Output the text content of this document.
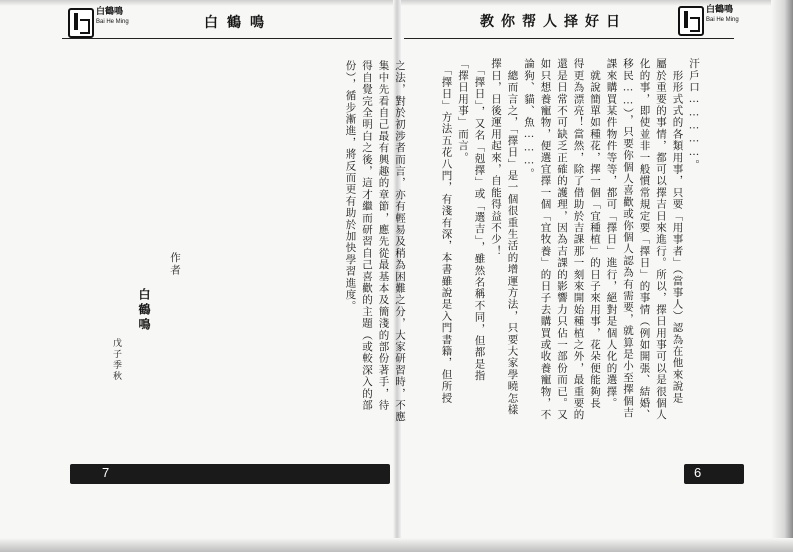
白鶴鳴
Bai He Ming	白鶴鳴
之法，對於初涉者而言，亦有輕易及稍為困難之分，大家研習時，不應
集中先看自己最有興趣的章節，應先從最基本及簡淺的部份著手，待
得自覺完全明白之後，這才繼而研習自己喜歡的主題（或較深入的部
份），循步漸進，將反而更有助於加快學習進度。
作者
白鶴鳴
戊子季秋
7
教你帮人择好日
白鶴鳴
Bai He Ming
汗戶口……………。
　形形式式的各類用事，只要「用事者」（當事人）認為在他來說是
屬於重要的事情，都可以擇吉日來進行。所以，擇日用事可以是很個人
化的事，即使並非一般慣常規定要「擇日」的事情（例如開張、結婚、
移民……），只要你個人喜歡或你個人認為有需要，就算是小至擇個吉
課來購買某件物件等等，都可「擇日」進行，絕對是個人化的選擇。
　就說簡單如種花，擇一個「宜種植」的日子來用事，花朵便能夠長
得更為漂亮！當然，除了借助於吉課那一刻來開始種植之外，最重要的
還是日常不可缺乏正確的護理，因為吉課的影響力只佔一部份而已。又
如只想養寵物，便選宜擇一個「宜牧養」的日子去購買或收養寵物，不
論狗、貓、魚………。
　總而言之，「擇日」是一個很重生活的增運方法，只要大家學曉怎樣
擇日，日後運用起來，自能得益不少！
　「擇日」，又名「剋擇」或「選吉」，雖然名稱不同，但都是指
「擇日用事」而言。
　「擇日」方法五花八門，有淺有深，本書雖說是入門書籍，但所授
6
